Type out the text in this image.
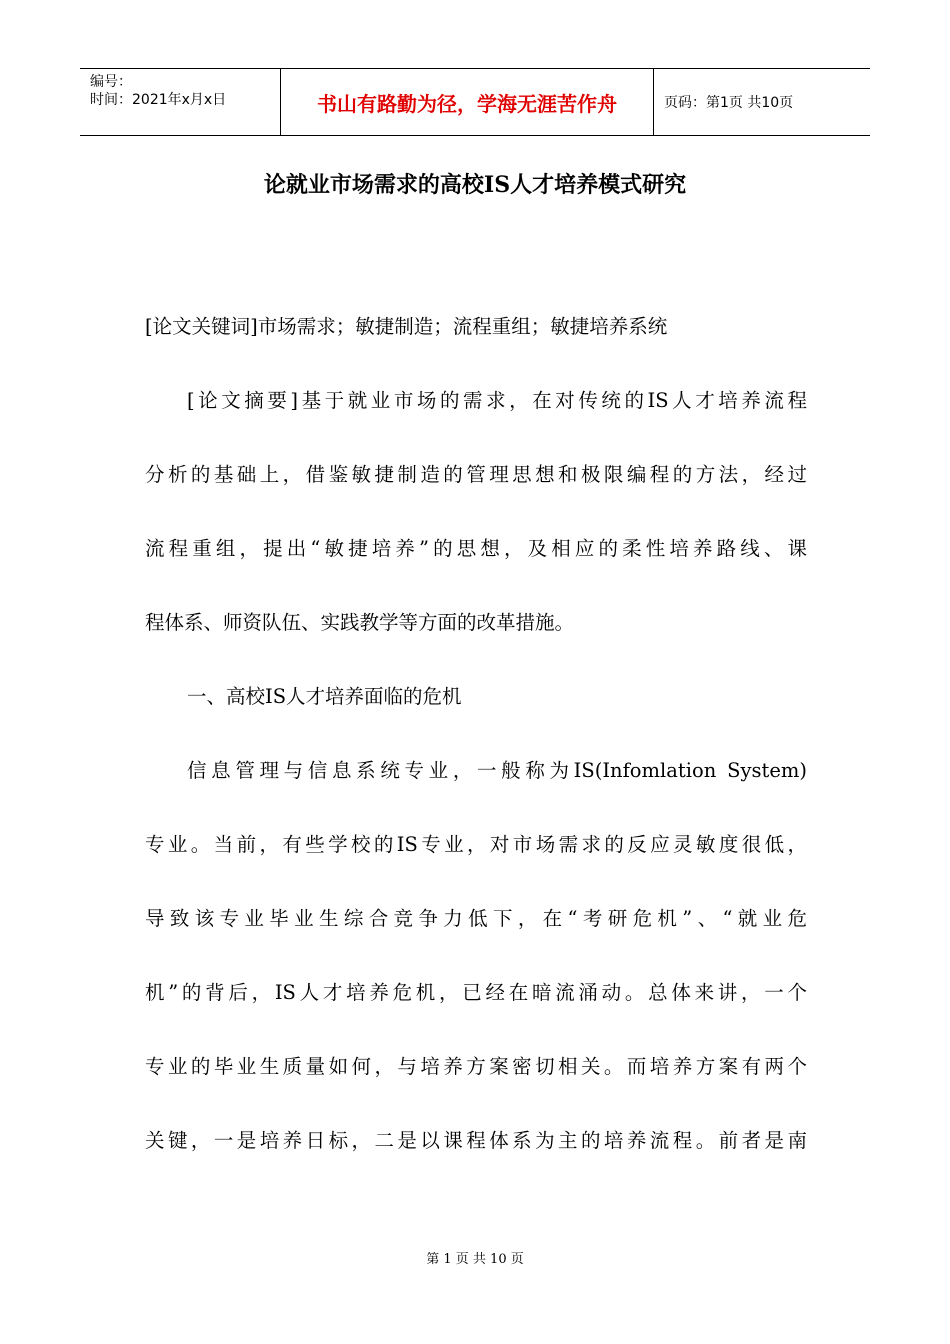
编号：
时间：2021年x月x日	书山有路勤为径，学海无涯苦作舟	页码：第1页 共10页
论就业市场需求的高校IS人才培养模式研究

[论文关键词]市场需求；敏捷制造；流程重组；敏捷培养系统

[论文摘要]基于就业市场的需求，在对传统的IS人才培养流程
分析的基础上，借鉴敏捷制造的管理思想和极限编程的方法，经过
流程重组，提出“敏捷培养”的思想，及相应的柔性培养路线、课
程体系、师资队伍、实践教学等方面的改革措施。

一、高校IS人才培养面临的危机

信息管理与信息系统专业，一般称为IS(Infomlation System)
专业。当前，有些学校的IS专业，对市场需求的反应灵敏度很低，
导致该专业毕业生综合竞争力低下，在“考研危机”、“就业危
机”的背后，IS人才培养危机，已经在暗流涌动。总体来讲，一个
专业的毕业生质量如何，与培养方案密切相关。而培养方案有两个
关键，一是培养日标，二是以课程体系为主的培养流程。前者是南

第 1 页 共 10 页
